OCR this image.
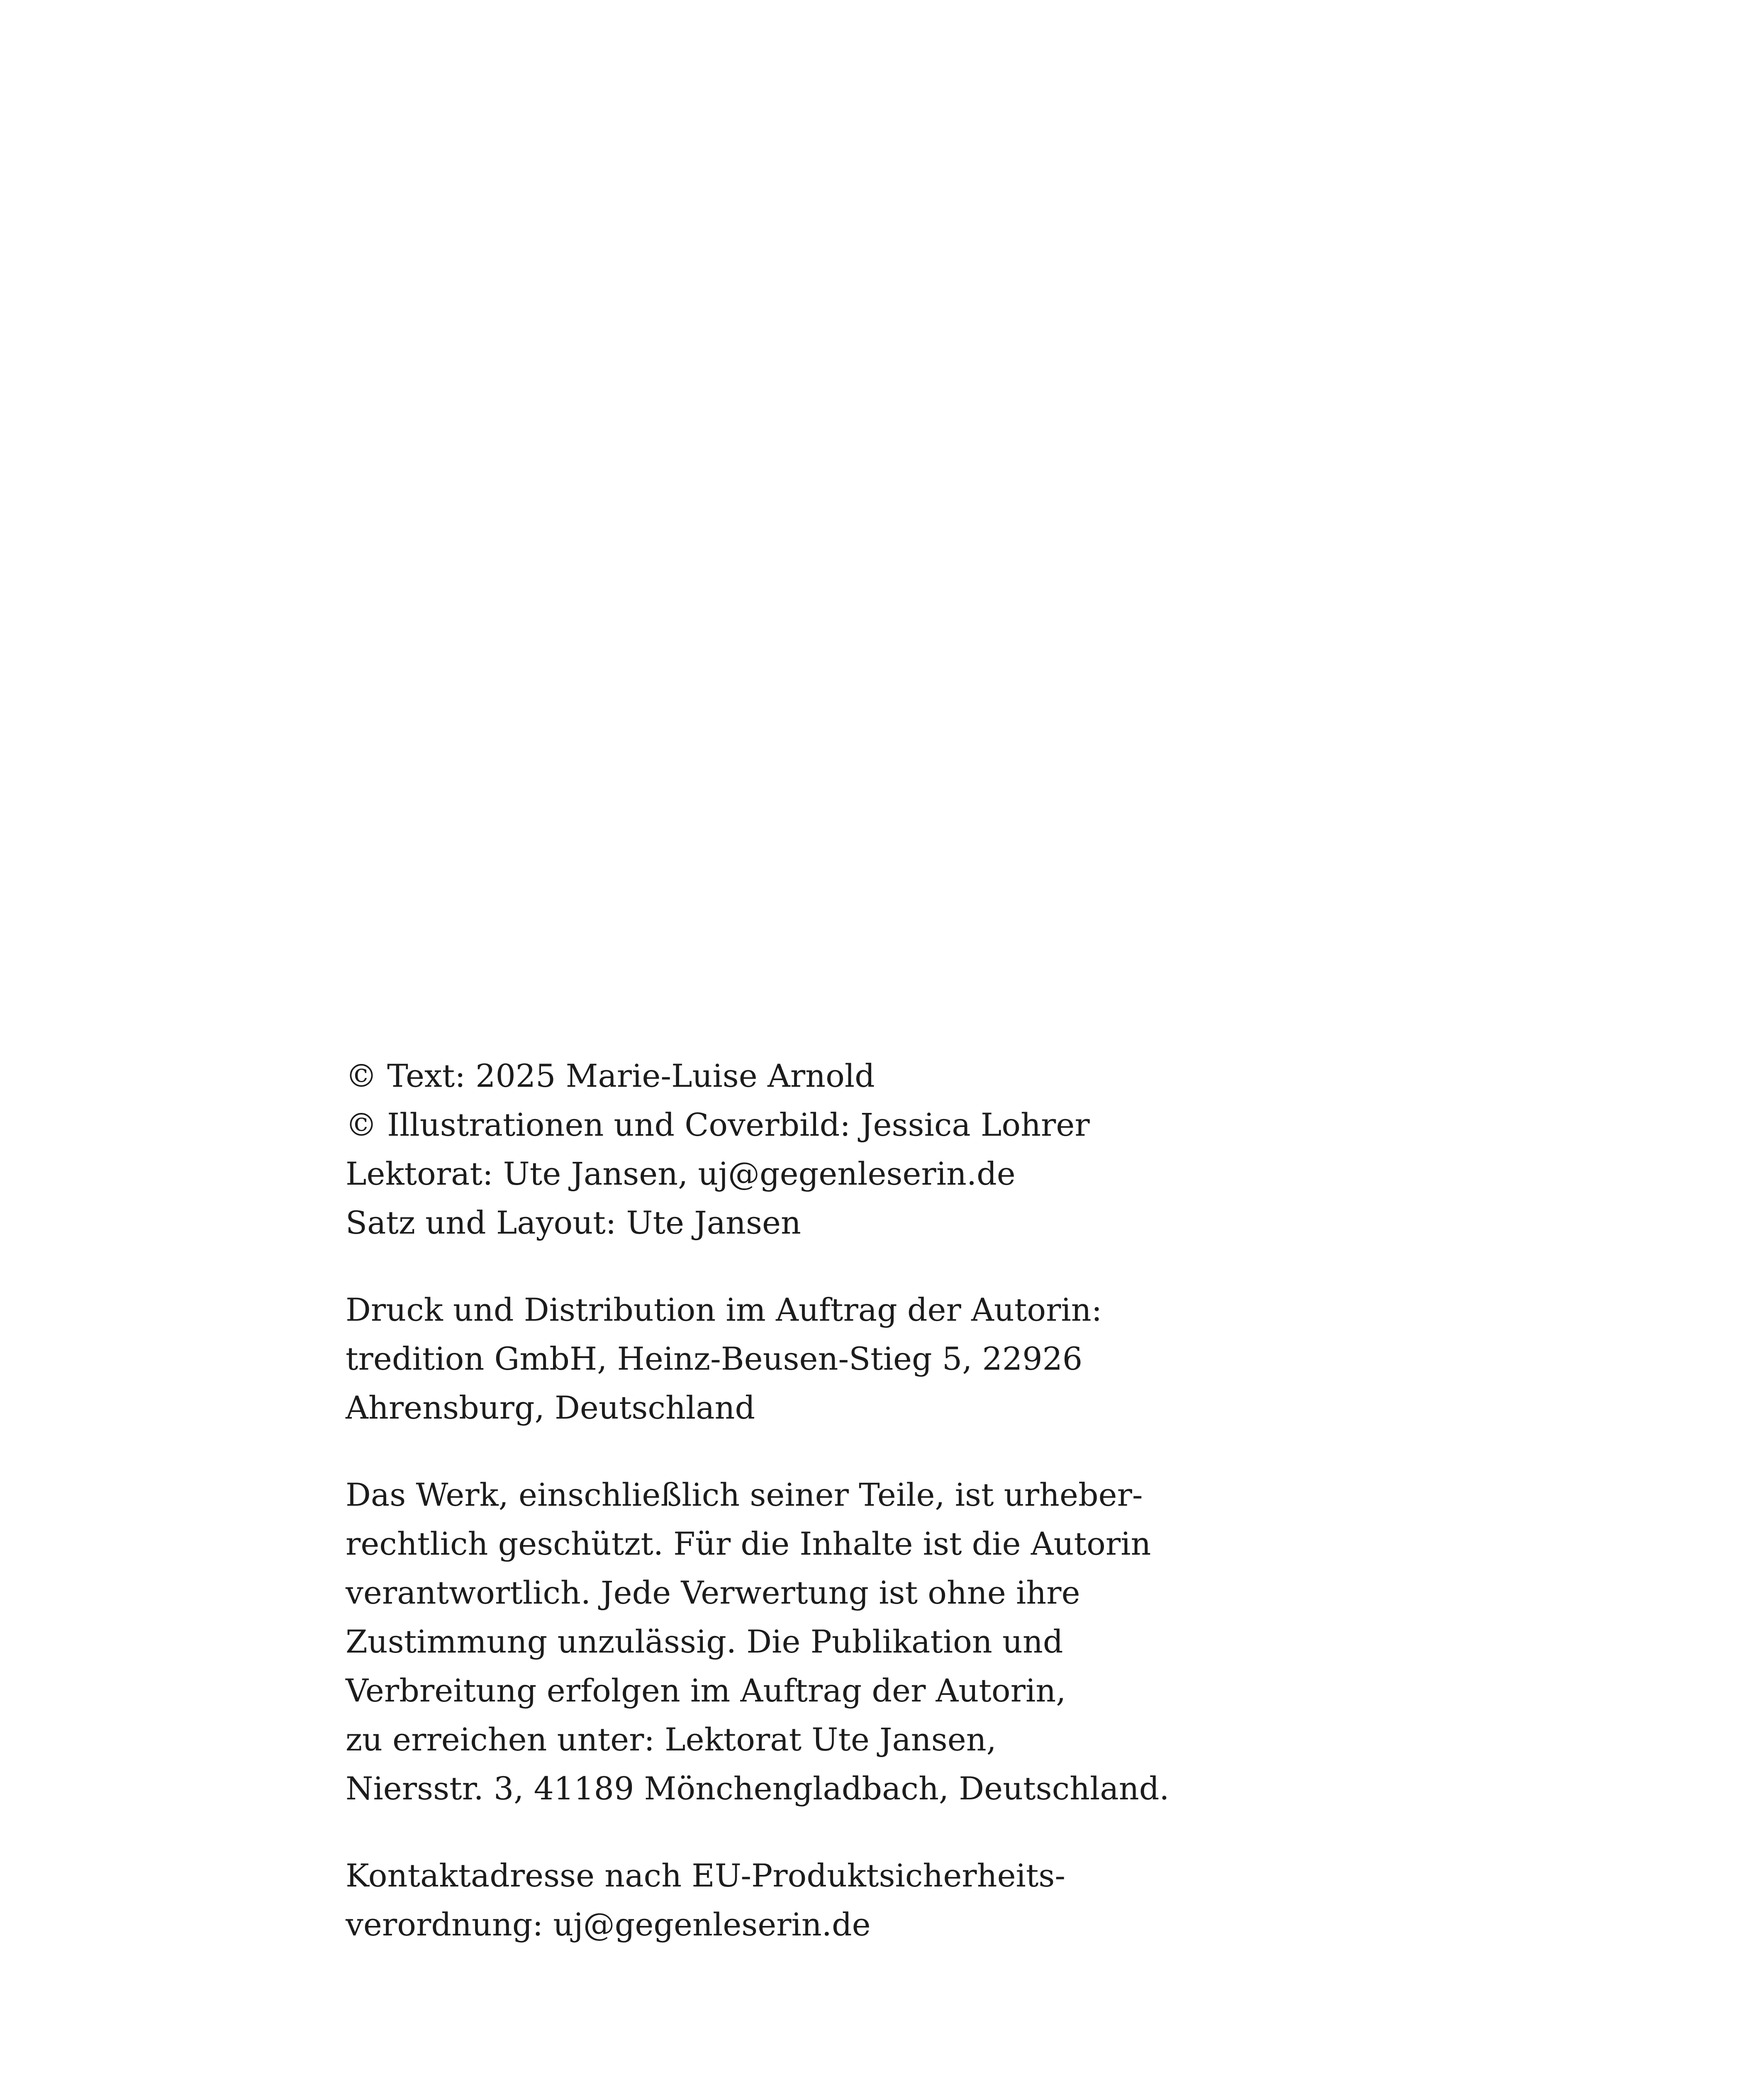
© Text: 2025 Marie-Luise Arnold
© Illustrationen und Coverbild: Jessica Lohrer
Lektorat: Ute Jansen, uj@gegenleserin.de
Satz und Layout: Ute Jansen
Druck und Distribution im Auftrag der Autorin:
tredition GmbH, Heinz-Beusen-Stieg 5, 22926
Ahrensburg, Deutschland
Das Werk, einschließlich seiner Teile, ist urheber-
rechtlich geschützt. Für die Inhalte ist die Autorin
verantwortlich. Jede Verwertung ist ohne ihre
Zustimmung unzulässig. Die Publikation und
Verbreitung erfolgen im Auftrag der Autorin,
zu erreichen unter: Lektorat Ute Jansen,
Niersstr. 3, 41189 Mönchengladbach, Deutschland.
Kontaktadresse nach EU-Produktsicherheits-
verordnung: uj@gegenleserin.de
